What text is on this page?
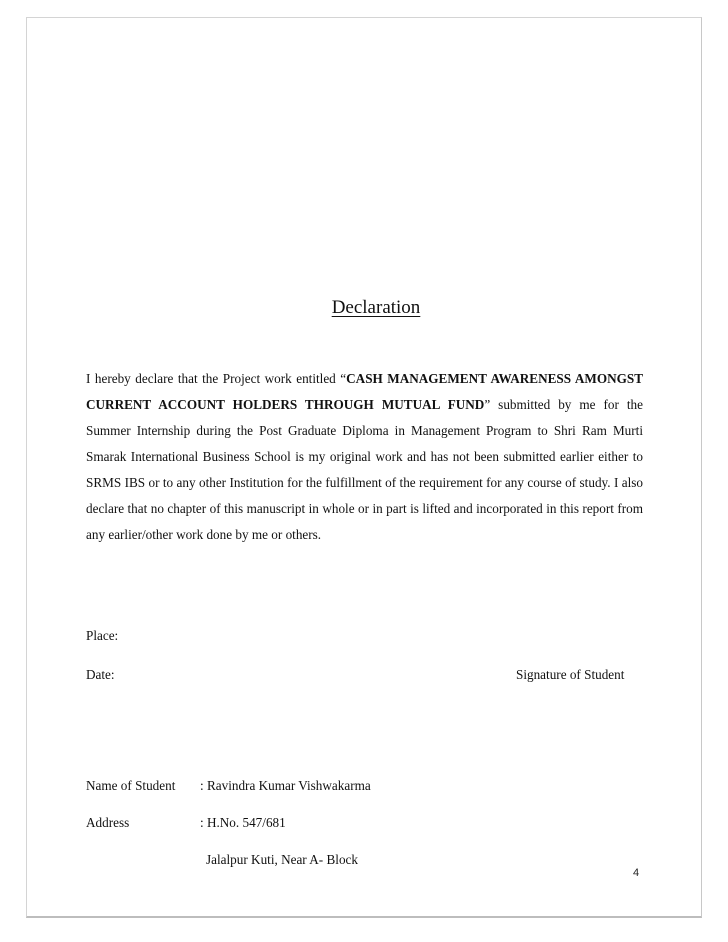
Declaration

I hereby declare that the Project work entitled “CASH MANAGEMENT AWARENESS AMONGST CURRENT ACCOUNT HOLDERS THROUGH MUTUAL FUND” submitted by me for the Summer Internship during the Post Graduate Diploma in Management Program to Shri Ram Murti Smarak International Business School is my original work and has not been submitted earlier either to SRMS IBS or to any other Institution for the fulfillment of the requirement for any course of study. I also declare that no chapter of this manuscript in whole or in part is lifted and incorporated in this report from any earlier/other work done by me or others.

Place:
Date:	Signature of Student
Name of Student : Ravindra Kumar Vishwakarma
Address	: H.No. 547/681
Jalalpur Kuti, Near A- Block
4
